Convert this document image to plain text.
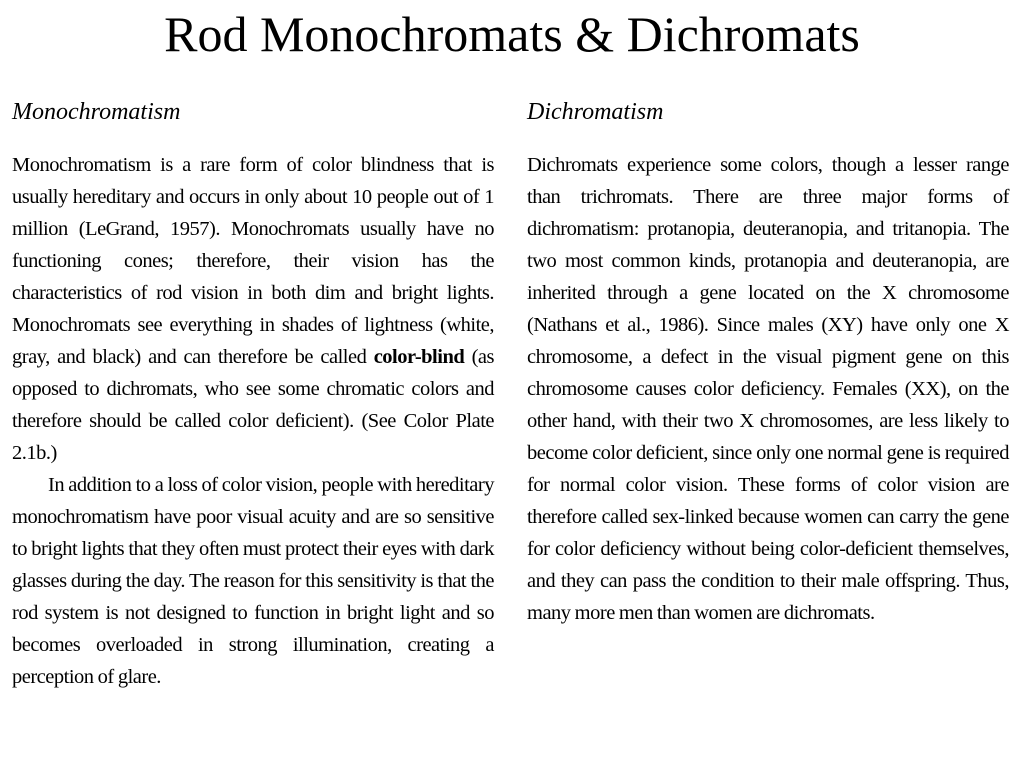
Rod Monochromats & Dichromats
Monochromatism

Monochromatism is a rare form of color blindness that is usually hereditary and occurs in only about 10 people out of 1 million (LeGrand, 1957). Monochromats usually have no functioning cones; therefore, their vision has the characteristics of rod vision in both dim and bright lights. Monochromats see everything in shades of lightness (white, gray, and black) and can therefore be called color-blind (as opposed to dichromats, who see some chromatic colors and therefore should be called color deficient). (See Color Plate 2.1b.)

In addition to a loss of color vision, people with hereditary monochromatism have poor visual acuity and are so sensitive to bright lights that they often must protect their eyes with dark glasses during the day. The reason for this sensitivity is that the rod system is not designed to function in bright light and so becomes overloaded in strong illumination, creating a perception of glare.

Dichromatism

Dichromats experience some colors, though a lesser range than trichromats. There are three major forms of dichromatism: protanopia, deuteranopia, and tritanopia. The two most common kinds, protanopia and deuteranopia, are inherited through a gene located on the X chromosome (Nathans et al., 1986). Since males (XY) have only one X chromosome, a defect in the visual pigment gene on this chromosome causes color deficiency. Females (XX), on the other hand, with their two X chromosomes, are less likely to become color deficient, since only one normal gene is required for normal color vision. These forms of color vision are therefore called sex-linked because women can carry the gene for color deficiency without being color-deficient themselves, and they can pass the condition to their male offspring. Thus, many more men than women are dichromats.
